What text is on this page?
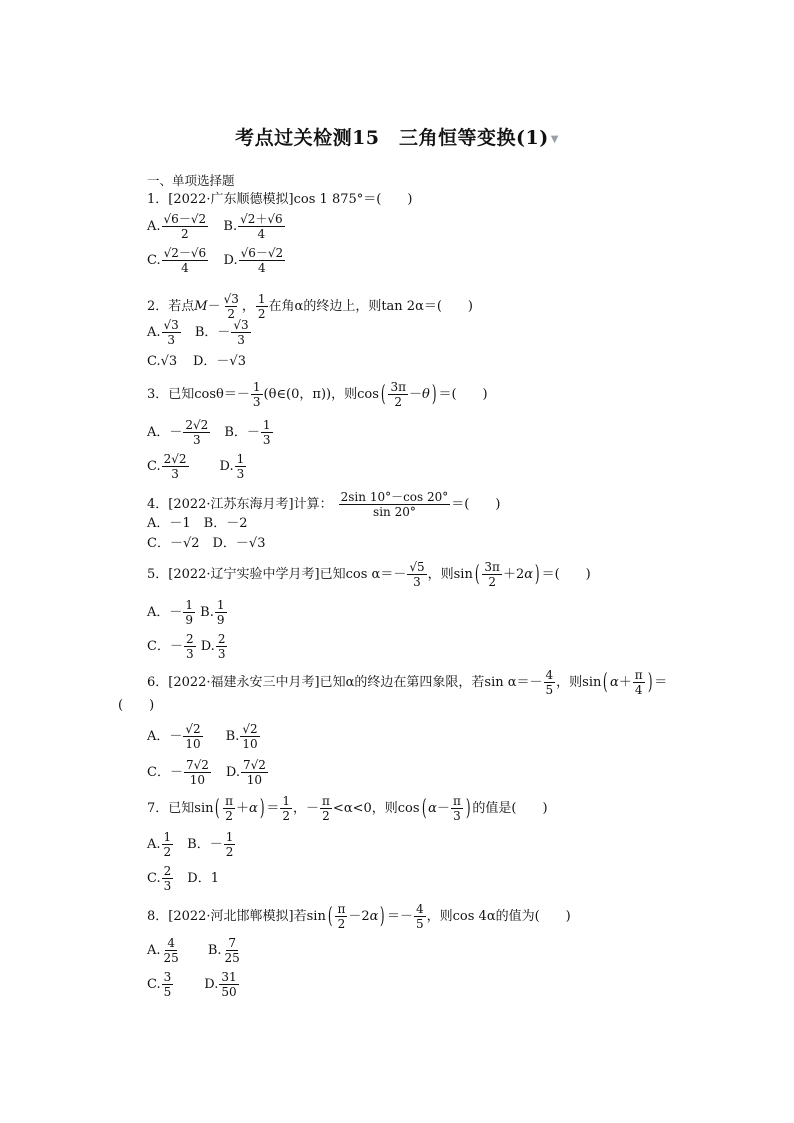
考点过关检测15　三角恒等变换(1) ▼
一、单项选择题
1．[2022·广东顺德模拟]cos 1 875°＝(　　)
A. $\frac{√6-√2}{2} B$. $\frac{√2+√6}{4}$
C. $\frac{√2-√6}{4} D$. $\frac{√6-√2}{4}$
2．若点$M- \frac{√3}{2}$ ， $\frac{1}{2}$ 在角α的终边上，则tan 2α＝(　　)
A. $\frac{√3}{3}$ 　B．－ $\frac{√3}{3}$
C.√3 D．－√3
3．已知$\cos\theta=- \frac{1}{3}$ (θ∈(0，π))，则$\cos( \frac{3\pi}{2} -\theta)$ ＝(　　)
A．－ $\frac{2√2}{3}$ 　B．－ $\frac{1}{3}$
C. $\frac{2√2}{3} D$. $\frac{1}{3}$
4．[2022·江苏东海月考]计算： $\frac{2\sin 10^\circ-\cos 20^\circ}{\sin 20^\circ}$ ＝(　　)
A．－1　B．－2
C．－√2　D．－√3
5．[2022·辽宁实验中学月考]已知$\cos \alpha=- \frac{√5}{3}$ ，则$\sin( \frac{3\pi}{2} +2\alpha)$ ＝(　　)
A．－ $\frac{1}{9} B$. $\frac{1}{9}$
C．－ $\frac{2}{3} D$. $\frac{2}{3}$
6．[2022·福建永安三中月考]已知α的终边在第四象限，若$\sin \alpha=- \frac{4}{5}$ ，则sin( $\alpha+ \frac{\pi}{4}$ ) ＝
(　　)
A．－ $\frac{√2}{10} B$. $\frac{√2}{10}$
C．－ $\frac{7√2}{10} D$. $\frac{7√2}{10}$
7．已知$\sin( \frac{\pi}{2} +\alpha) = \frac{1}{2}$ ，－ $\frac{\pi}{2} <\alpha<0$，则cos( $\alpha- \frac{\pi}{3}$ ) 的值是(　　)
A. $\frac{1}{2}$ 　B．－ $\frac{1}{2}$
C. $\frac{2}{3}$ 　D．1
8．[2022·河北邯郸模拟]若$\sin( \frac{\pi}{2} -2\alpha) =- \frac{4}{5}$ ，则cos 4α的值为(　　)
A. $\frac{4}{25} B$. $\frac{7}{25}$
C. $\frac{3}{5} D$. $\frac{31}{50}$
